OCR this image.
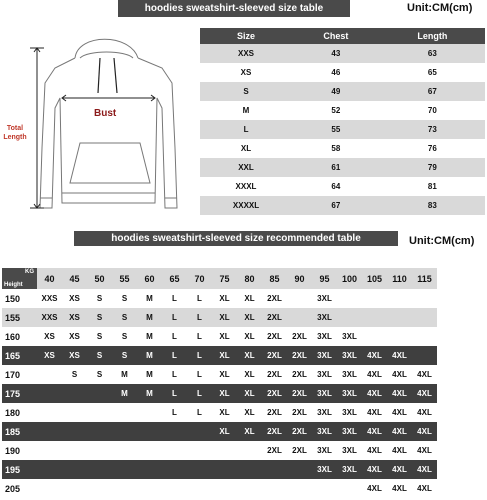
hoodies sweatshirt-sleeved size table	Unit:CM(cm)
Total Length
Bust
Size	Chest	Length
XXS	43	63
XS	46	65
S	49	67
M	52	70
L	55	73
XL	58	76
XXL	61	79
XXXL	64	81
XXXXL	67	83
hoodies sweatshirt-sleeved size recommended table	Unit:CM(cm)
KG
Height	40	45	50	55	60	65	70	75	80	85	90	95	100	105	110	115
150	XXS	XS	S	S	M	L	L	XL	XL	2XL		3XL				
155	XXS	XS	S	S	M	L	L	XL	XL	2XL		3XL				
160	XS	XS	S	S	M	L	L	XL	XL	2XL	2XL	3XL	3XL			
165	XS	XS	S	S	M	L	L	XL	XL	2XL	2XL	3XL	3XL	4XL	4XL	
170		S	S	M	M	L	L	XL	XL	2XL	2XL	3XL	3XL	4XL	4XL	4XL
175				M	M	L	L	XL	XL	2XL	2XL	3XL	3XL	4XL	4XL	4XL
180						L	L	XL	XL	2XL	2XL	3XL	3XL	4XL	4XL	4XL
185								XL	XL	2XL	2XL	3XL	3XL	4XL	4XL	4XL
190										2XL	2XL	3XL	3XL	4XL	4XL	4XL
195												3XL	3XL	4XL	4XL	4XL
205														4XL	4XL	4XL
